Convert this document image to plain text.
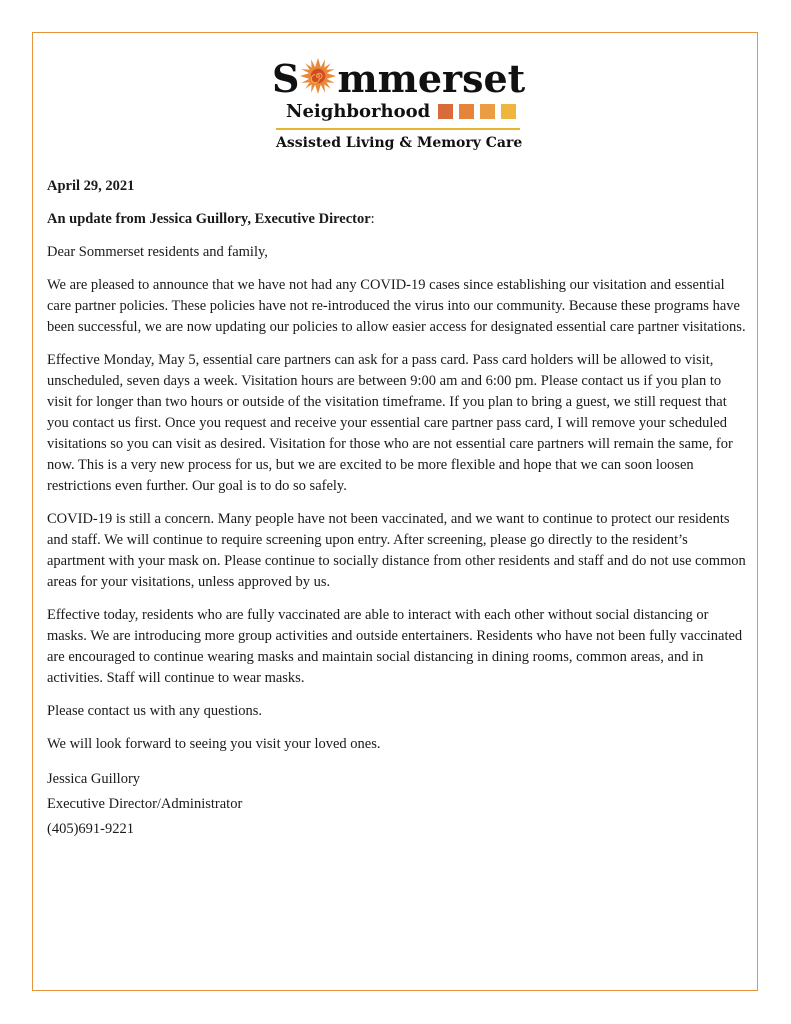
S mmerset
Neighborhood
Assisted Living & Memory Care

April 29, 2021

An update from Jessica Guillory, Executive Director:

Dear Sommerset residents and family,

We are pleased to announce that we have not had any COVID-19 cases since establishing our visitation and essential care partner policies. These policies have not re-introduced the virus into our community. Because these programs have been successful, we are now updating our policies to allow easier access for designated essential care partner visitations.

Effective Monday, May 5, essential care partners can ask for a pass card. Pass card holders will be allowed to visit, unscheduled, seven days a week. Visitation hours are between 9:00 am and 6:00 pm. Please contact us if you plan to visit for longer than two hours or outside of the visitation timeframe. If you plan to bring a guest, we still request that you contact us first. Once you request and receive your essential care partner pass card, I will remove your scheduled visitations so you can visit as desired. Visitation for those who are not essential care partners will remain the same, for now. This is a very new process for us, but we are excited to be more flexible and hope that we can soon loosen restrictions even further. Our goal is to do so safely.

COVID-19 is still a concern. Many people have not been vaccinated, and we want to continue to protect our residents and staff. We will continue to require screening upon entry. After screening, please go directly to the resident’s apartment with your mask on. Please continue to socially distance from other residents and staff and do not use common areas for your visitations, unless approved by us.

Effective today, residents who are fully vaccinated are able to interact with each other without social distancing or masks. We are introducing more group activities and outside entertainers. Residents who have not been fully vaccinated are encouraged to continue wearing masks and maintain social distancing in dining rooms, common areas, and in activities. Staff will continue to wear masks.

Please contact us with any questions.

We will look forward to seeing you visit your loved ones.

Jessica Guillory

Executive Director/Administrator

(405)691-9221
